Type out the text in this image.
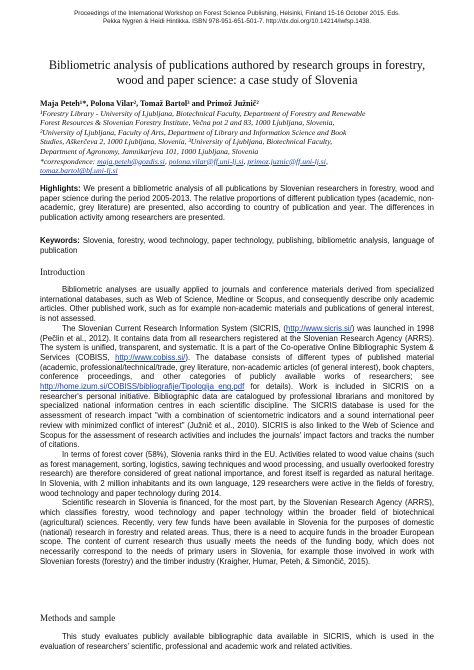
Proceedings of the International Workshop on Forest Science Publishing, Helsinki, Finland 15-16 October 2015. Eds.
Pekka Nygren & Heidi Hintikka. ISBN 978-951-651-501-7. http://dx.doi.org/10.14214/iwfsp.1438.
Bibliometric analysis of publications authored by research groups in forestry,
wood and paper science: a case study of Slovenia
Maja Peteh¹*, Polona Vilar², Tomaž Bartol³ and Primož Južnič²
¹Forestry Library - University of Ljubljana, Biotechnical Faculty, Department of Forestry and Renewable
Forest Resources & Slovenian Forestry Institute, Večna pot 2 and 83, 1000 Ljubljana, Slovenia,
²University of Ljubljana, Faculty of Arts, Department of Library and Information Science and Book
Studies, Aškerčeva 2, 1000 Ljubljana, Slovenia, ³University of Ljubljana, Biotechnical Faculty,
Department of Agronomy, Jamnikarjeva 101, 1000 Ljubljana, Slovenia
*correspondence: maja.peteh@gozdis.si, polona.vilar@ff.uni-lj.si, primoz.juznic@ff.uni-lj.si,
tomaz.bartol@bf.uni-lj.si
Highlights: We present a bibliometric analysis of all publications by Slovenian researchers in forestry, wood and paper science during the period 2005-2013. The relative proportions of different publication types (academic, non-academic, grey literature) are presented, also according to country of publication and year. The differences in publication activity among researchers are presented.
Keywords: Slovenia, forestry, wood technology, paper technology, publishing, bibliometric analysis, language of publication
Introduction

Bibliometric analyses are usually applied to journals and conference materials derived from specialized international databases, such as Web of Science, Medline or Scopus, and consequently describe only academic articles. Other published work, such as for example non-academic materials and publications of general interest, is not assessed.

The Slovenian Current Research Information System (SICRIS, (http://www.sicris.si/) was launched in 1998 (Pečlin et al., 2012). It contains data from all researchers registered at the Slovenian Research Agency (ARRS). The system is unified, transparent, and systematic. It is a part of the Co-operative Online Bibliographic System & Services (COBISS, http://www.cobiss.si/). The database consists of different types of published material (academic, professional/technical/trade, grey literature, non-academic articles (of general interest), book chapters, conference proceedings, and other categories of publicly available works of researchers; see http://home.izum.si/COBISS/bibliografije/Tipologija_eng.pdf for details). Work is included in SICRIS on a researcher's personal initiative. Bibliographic data are catalogued by professional librarians and monitored by specialized national information centres in each scientific discipline. The SICRIS database is used for the assessment of research impact "with a combination of scientometric indicators and a sound international peer review with minimized conflict of interest" (Južnič et al., 2010). SICRIS is also linked to the Web of Science and Scopus for the assessment of research activities and includes the journals' impact factors and tracks the number of citations.

In terms of forest cover (58%), Slovenia ranks third in the EU. Activities related to wood value chains (such as forest management, sorting, logistics, sawing techniques and wood processing, and usually overlooked forestry research) are therefore considered of great national importance, and forest itself is regarded as natural heritage. In Slovenia, with 2 million inhabitants and its own language, 129 researchers were active in the fields of forestry, wood technology and paper technology during 2014.

Scientific research in Slovenia is financed, for the most part, by the Slovenian Research Agency (ARRS), which classifies forestry, wood technology and paper technology within the broader field of biotechnical (agricultural) sciences. Recently, very few funds have been available in Slovenia for the purposes of domestic (national) research in forestry and related areas. Thus, there is a need to acquire funds in the broader European scope. The content of current research thus usually meets the needs of the funding body, which does not necessarily correspond to the needs of primary users in Slovenia, for example those involved in work with Slovenian forests (forestry) and the timber industry (Kraigher, Humar, Peteh, & Simončič, 2015).

Methods and sample

This study evaluates publicly available bibliographic data available in SICRIS, which is used in the evaluation of researchers' scientific, professional and academic work and related activities.
